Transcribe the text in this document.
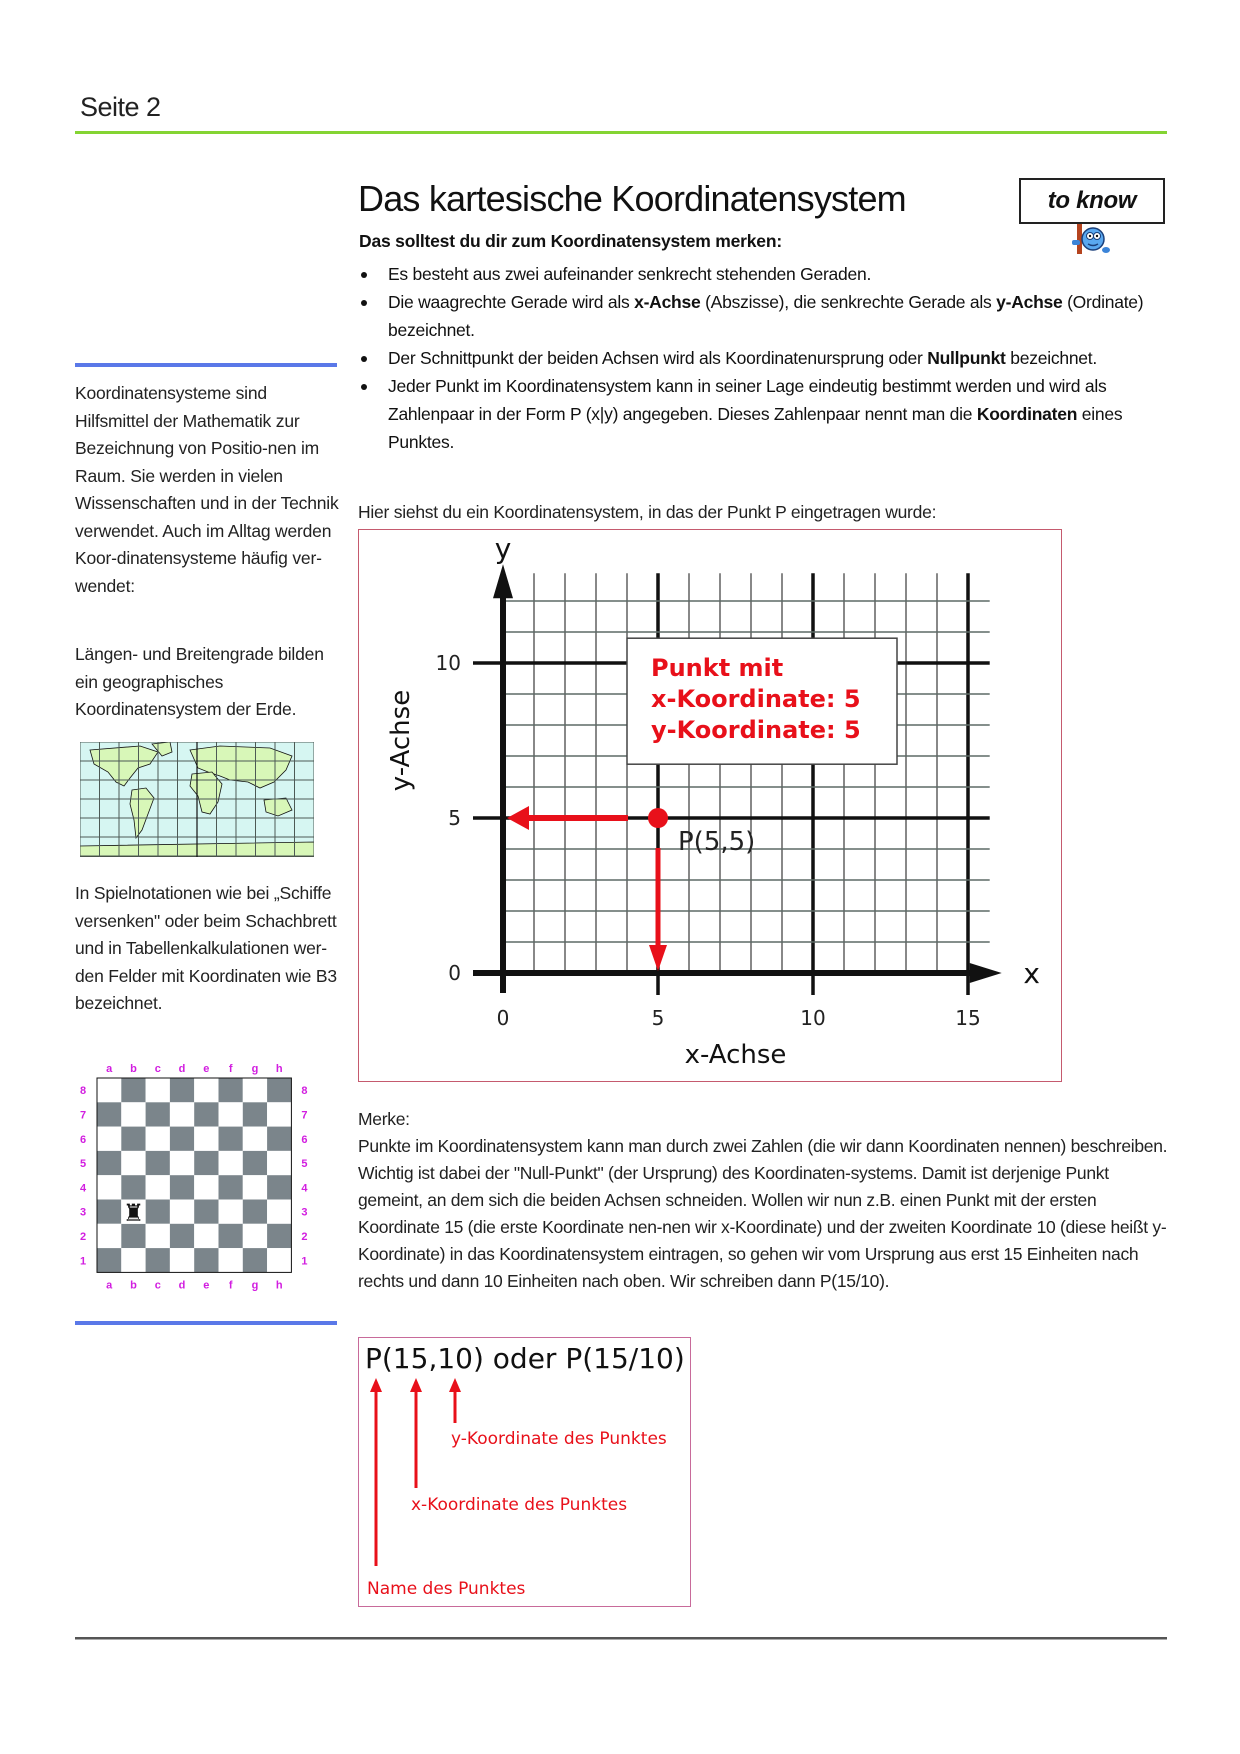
Seite 2
Das kartesische Koordinatensystem	to know
Das solltest du dir zum Koordinatensystem merken:
Es besteht aus zwei aufeinander senkrecht stehenden Geraden.
Die waagrechte Gerade wird als x-Achse (Abszisse), die senkrechte Gerade als y-Achse (Ordinate) bezeichnet.
Der Schnittpunkt der beiden Achsen wird als Koordinatenursprung oder Nullpunkt bezeichnet.
Jeder Punkt im Koordinatensystem kann in seiner Lage eindeutig bestimmt werden und wird als Zahlenpaar in der Form P (x|y) angegeben. Dieses Zahlenpaar nennt man die Koordinaten eines Punktes.
Hier siehst du ein Koordinatensystem, in das der Punkt P eingetragen wurde:
0	5	10	15
0
5
10
y
x
x-Achse
y-Achse
P(5,5)
Punkt mit
x-Koordinate: 5
y-Koordinate: 5
Koordinatensysteme sind Hilfsmittel der Mathematik zur Bezeichnung von Positio-nen im Raum. Sie werden in vielen Wissenschaften und in der Technik verwendet. Auch im Alltag werden Koor-dinatensysteme häufig ver-wendet:
Längen- und Breitengrade bilden ein geographisches Koordinatensystem der Erde.
In Spielnotationen wie bei „Schiffe versenken" oder beim Schachbrett und in Tabellenkalkulationen wer-den Felder mit Koordinaten wie B3 bezeichnet.
a
a
b
b
c
c
d
d
e
e
f
f
g
g
h
h
8	8
7	7
6	6
5	5
4	4
3	3
2	2
1	1
♜
Merke:
Punkte im Koordinatensystem kann man durch zwei Zahlen (die wir dann Koordinaten nennen) beschreiben. Wichtig ist dabei der "Null-Punkt" (der Ursprung) des Koordinaten-systems. Damit ist derjenige Punkt gemeint, an dem sich die beiden Achsen schneiden. Wollen wir nun z.B. einen Punkt mit der ersten Koordinate 15 (die erste Koordinate nen-nen wir x-Koordinate) und der zweiten Koordinate 10 (diese heißt y-Koordinate) in das Koordinatensystem eintragen, so gehen wir vom Ursprung aus erst 15 Einheiten nach rechts und dann 10 Einheiten nach oben. Wir schreiben dann P(15/10).
P(15,10) oder P(15/10)
y-Koordinate des Punktes
x-Koordinate des Punktes
Name des Punktes
